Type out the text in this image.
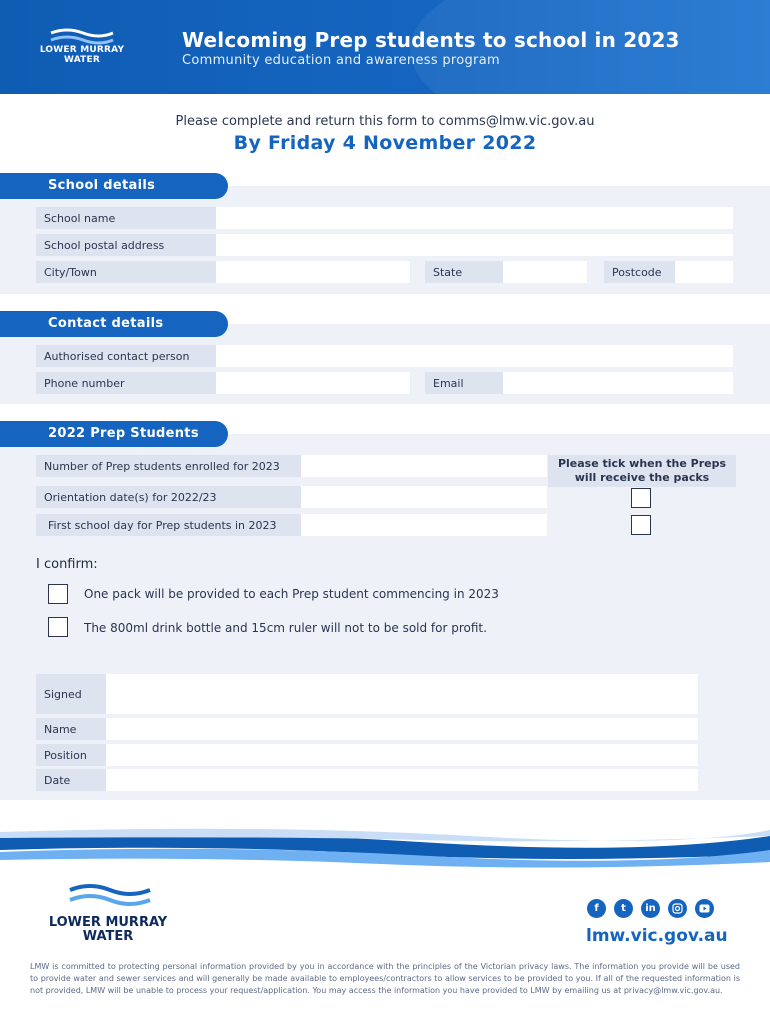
LOWER MURRAY
WATER
Welcoming Prep students to school in 2023
Community education and awareness program
Please complete and return this form to comms@lmw.vic.gov.au
By Friday 4 November 2022
School details
School name
School postal address
City/Town	State	Postcode
Contact details
Authorised contact person
Phone number	Email
2022 Prep Students
Number of Prep students enrolled for 2023
Orientation date(s) for 2022/23
First school day for Prep students in 2023
Please tick when the Preps will receive the packs
I confirm:
One pack will be provided to each Prep student commencing in 2023
The 800ml drink bottle and 15cm ruler will not to be sold for profit.
Signed
Name
Position
Date
LOWER MURRAY
WATER
f	t	in
lmw.vic.gov.au
LMW is committed to protecting personal information provided by you in accordance with the principles of the Victorian privacy laws. The information you provide will be used to provide water and sewer services and will generally be made available to employees/contractors to allow services to be provided to you. If all of the requested information is not provided, LMW will be unable to process your request/application. You may access the information you have provided to LMW by emailing us at privacy@lmw.vic.gov.au.
